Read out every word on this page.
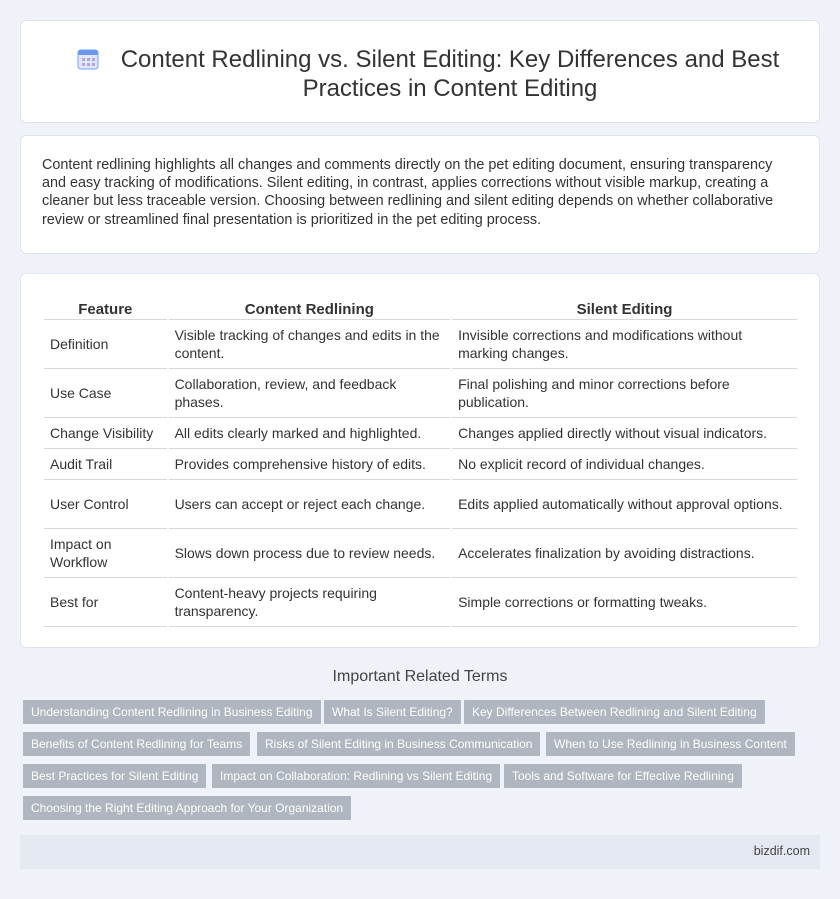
Content Redlining vs. Silent Editing: Key Differences and Best Practices in Content Editing

Content redlining highlights all changes and comments directly on the pet editing document, ensuring transparency and easy tracking of modifications. Silent editing, in contrast, applies corrections without visible markup, creating a cleaner but less traceable version. Choosing between redlining and silent editing depends on whether collaborative review or streamlined final presentation is prioritized in the pet editing process.

Feature	Content Redlining	Silent Editing
Definition	Visible tracking of changes and edits in the content.	Invisible corrections and modifications without marking changes.
Use Case	Collaboration, review, and feedback phases.	Final polishing and minor corrections before publication.
Change Visibility	All edits clearly marked and highlighted.	Changes applied directly without visual indicators.
Audit Trail	Provides comprehensive history of edits.	No explicit record of individual changes.
User Control	Users can accept or reject each change.	Edits applied automatically without approval options.
Impact on Workflow	Slows down process due to review needs.	Accelerates finalization by avoiding distractions.
Best for	Content-heavy projects requiring transparency.	Simple corrections or formatting tweaks.
Important Related Terms
Understanding Content Redlining in Business Editing	What Is Silent Editing?	Key Differences Between Redlining and Silent Editing
Benefits of Content Redlining for Teams	Risks of Silent Editing in Business Communication	When to Use Redlining in Business Content
Best Practices for Silent Editing	Impact on Collaboration: Redlining vs Silent Editing	Tools and Software for Effective Redlining
Choosing the Right Editing Approach for Your Organization
bizdif.com
